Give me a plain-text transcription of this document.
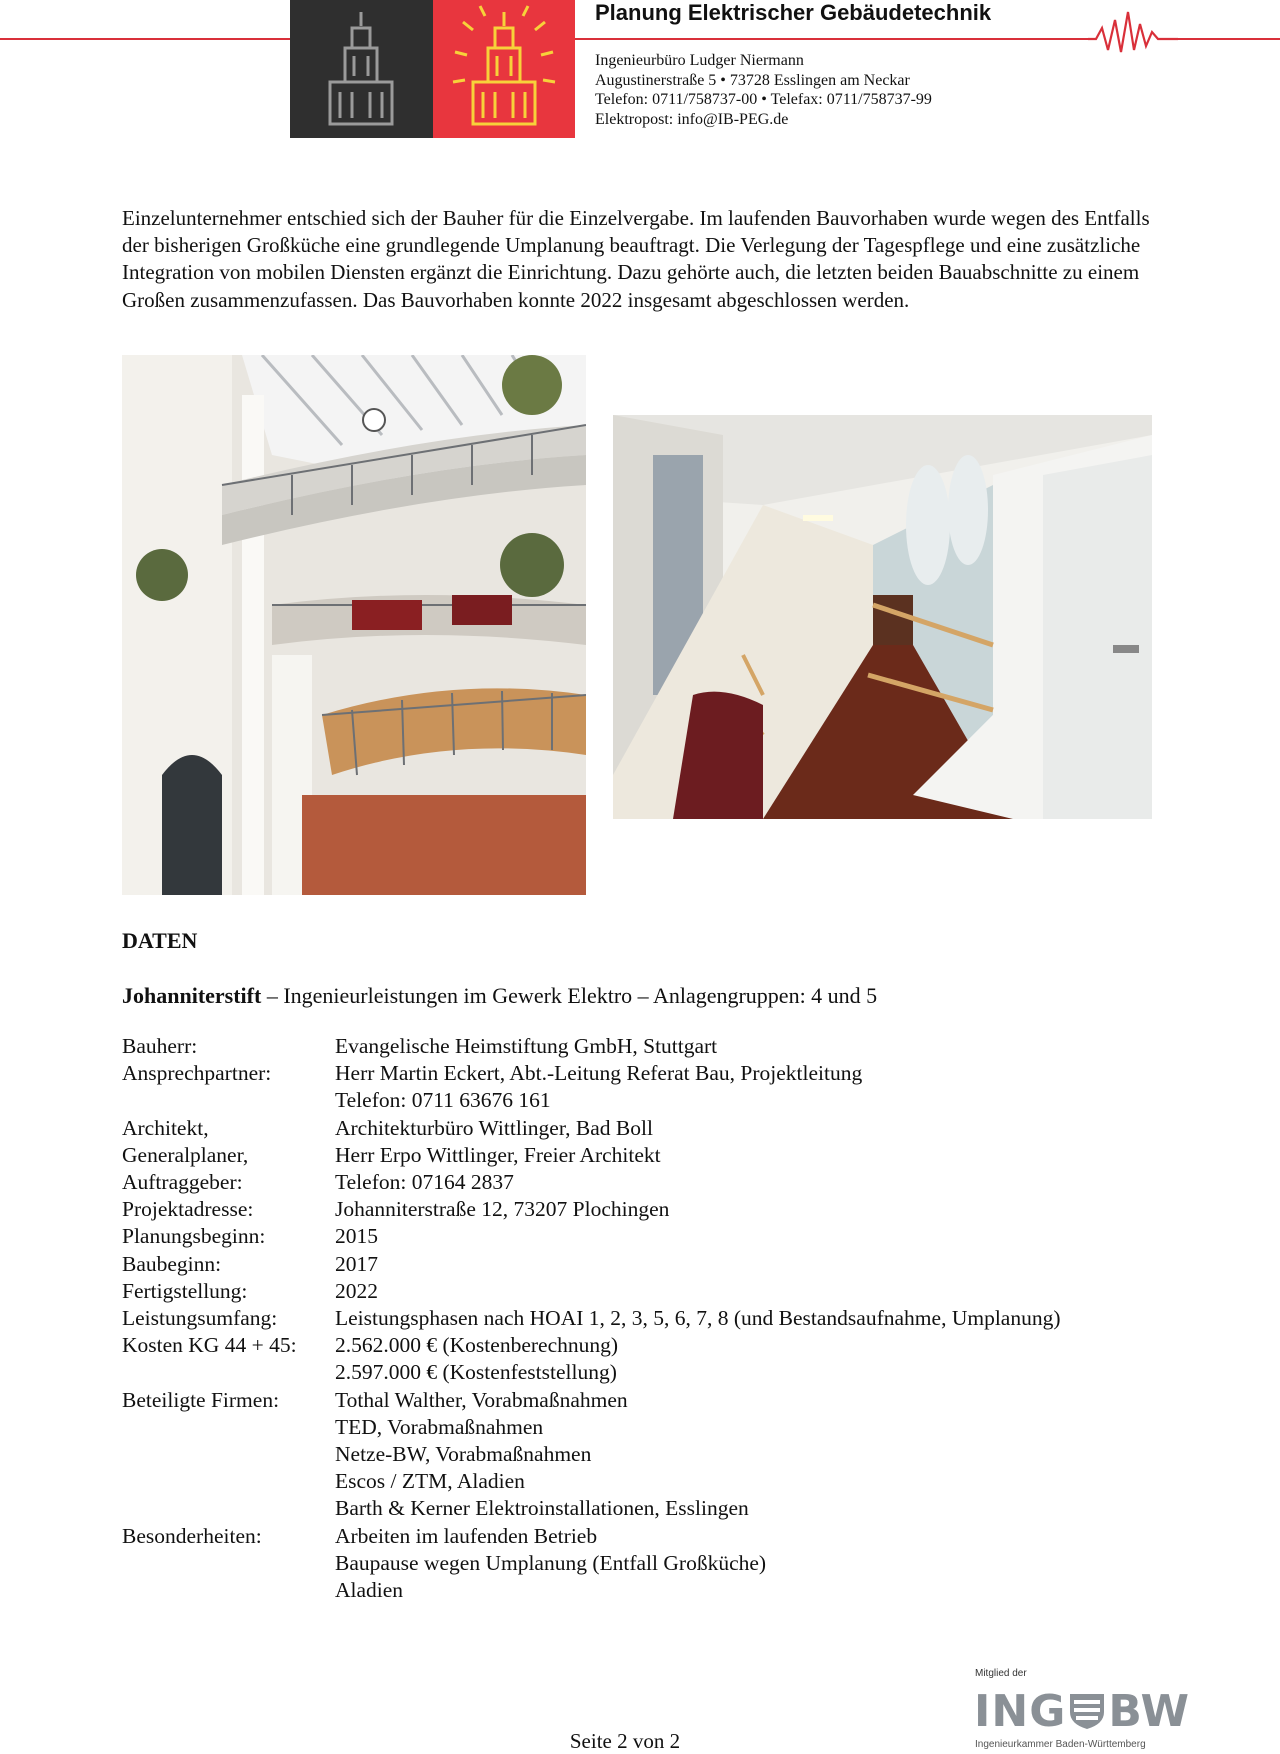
Planung Elektrischer Gebäudetechnik
Ingenieurbüro Ludger Niermann
Augustinerstraße 5 • 73728 Esslingen am Neckar
Telefon: 0711/758737-00 • Telefax: 0711/758737-99
Elektropost: info@IB-PEG.de
Einzelunternehmer entschied sich der Bauher für die Einzelvergabe. Im laufenden Bauvorhaben wurde wegen des Entfalls der bisherigen Großküche eine grundlegende Umplanung beauftragt. Die Verlegung der Tagespflege und eine zusätzliche Integration von mobilen Diensten ergänzt die Einrichtung. Dazu gehörte auch, die letzten beiden Bauabschnitte zu einem Großen zusammenzufassen. Das Bauvorhaben konnte 2022 insgesamt abgeschlossen werden.
DATEN
Johanniterstift – Ingenieurleistungen im Gewerk Elektro – Anlagengruppen: 4 und 5
Bauherr:	Evangelische Heimstiftung GmbH, Stuttgart
Ansprechpartner:	Herr Martin Eckert, Abt.-Leitung Referat Bau, Projektleitung
Telefon: 0711 63676 161
Architekt,	Architekturbüro Wittlinger, Bad Boll
Generalplaner,	Herr Erpo Wittlinger, Freier Architekt
Auftraggeber:	Telefon: 07164 2837
Projektadresse:	Johanniterstraße 12, 73207 Plochingen
Planungsbeginn:	2015
Baubeginn:	2017
Fertigstellung:	2022
Leistungsumfang:	Leistungsphasen nach HOAI 1, 2, 3, 5, 6, 7, 8 (und Bestandsaufnahme, Umplanung)
Kosten KG 44 + 45:	2.562.000 € (Kostenberechnung)
2.597.000 € (Kostenfeststellung)
Beteiligte Firmen:	Tothal Walther, Vorabmaßnahmen
TED, Vorabmaßnahmen
Netze-BW, Vorabmaßnahmen
Escos / ZTM, Aladien
Barth & Kerner Elektroinstallationen, Esslingen
Besonderheiten:	Arbeiten im laufenden Betrieb
Baupause wegen Umplanung (Entfall Großküche)
Aladien
Seite 2 von 2
Mitglied der
ING BW
Ingenieurkammer Baden-Württemberg
